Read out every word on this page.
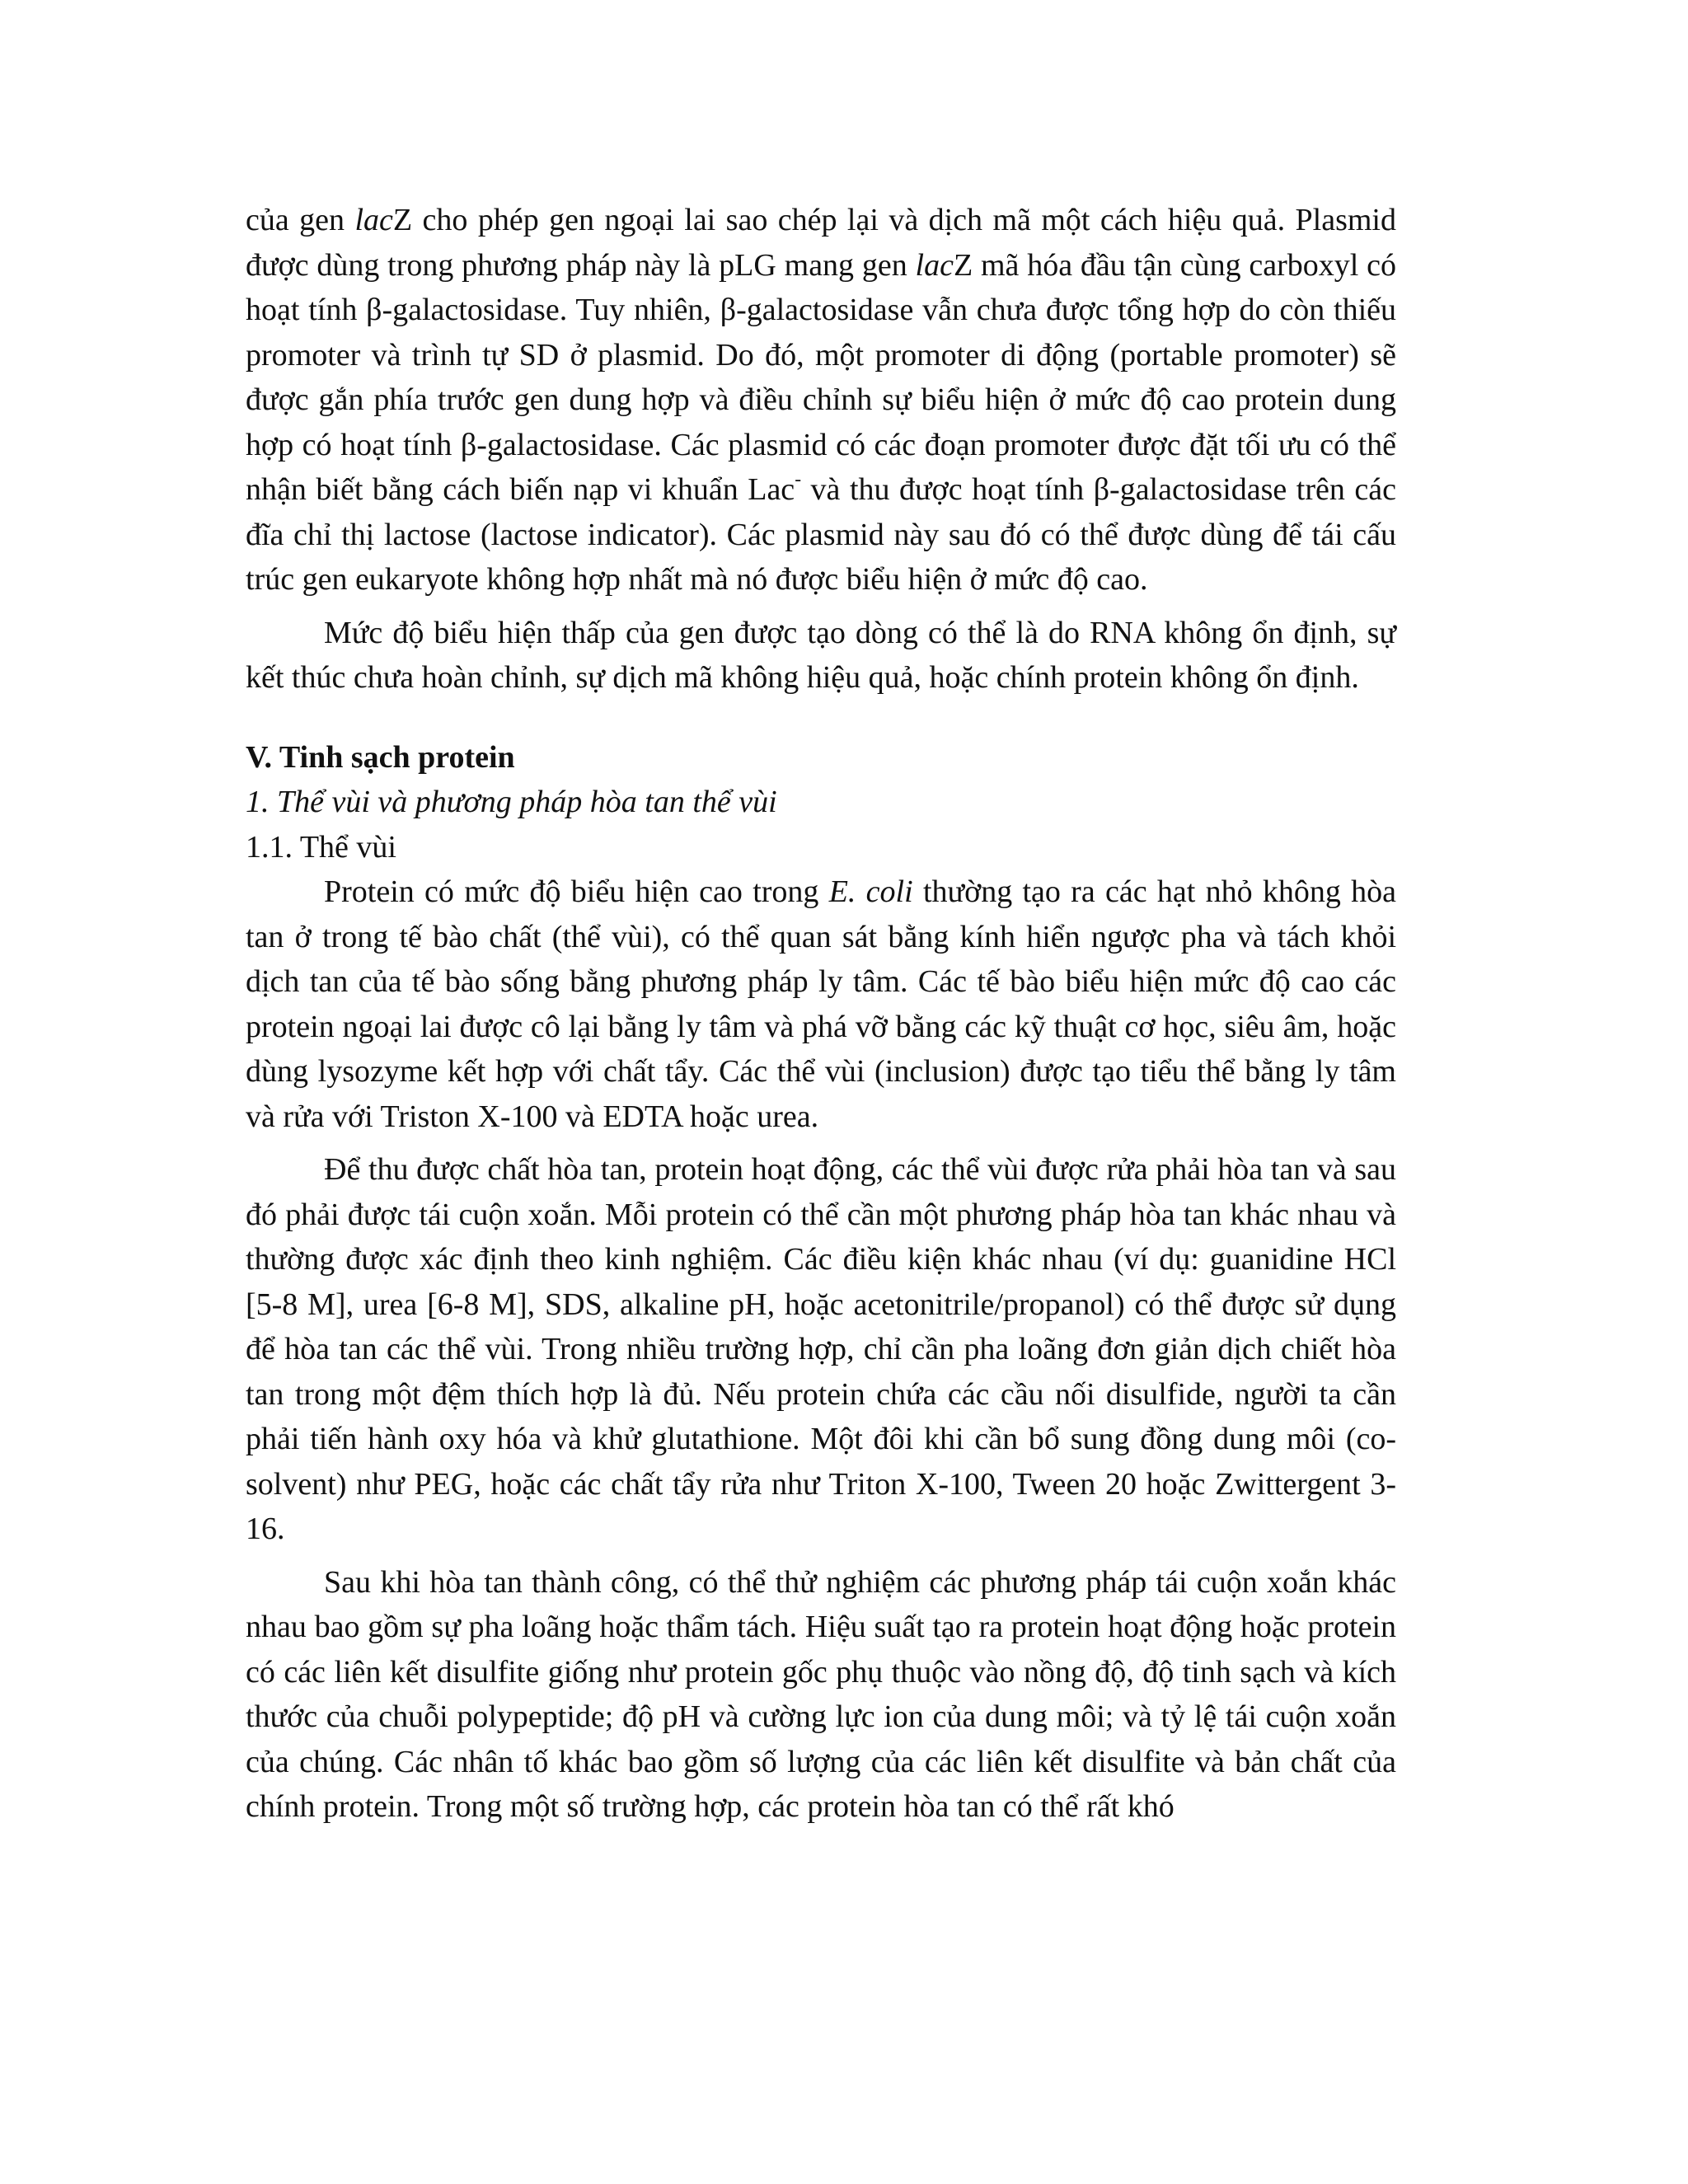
của gen lacZ cho phép gen ngoại lai sao chép lại và dịch mã một cách hiệu quả. Plasmid được dùng trong phương pháp này là pLG mang gen lacZ mã hóa đầu tận cùng carboxyl có hoạt tính β-galactosidase. Tuy nhiên, β-galactosidase vẫn chưa được tổng hợp do còn thiếu promoter và trình tự SD ở plasmid. Do đó, một promoter di động (portable promoter) sẽ được gắn phía trước gen dung hợp và điều chỉnh sự biểu hiện ở mức độ cao protein dung hợp có hoạt tính β-galactosidase. Các plasmid có các đoạn promoter được đặt tối ưu có thể nhận biết bằng cách biến nạp vi khuẩn Lac- và thu được hoạt tính β-galactosidase trên các đĩa chỉ thị lactose (lactose indicator). Các plasmid này sau đó có thể được dùng để tái cấu trúc gen eukaryote không hợp nhất mà nó được biểu hiện ở mức độ cao.

Mức độ biểu hiện thấp của gen được tạo dòng có thể là do RNA không ổn định, sự kết thúc chưa hoàn chỉnh, sự dịch mã không hiệu quả, hoặc chính protein không ổn định.

V. Tinh sạch protein

1. Thể vùi và phương pháp hòa tan thể vùi

1.1. Thể vùi

Protein có mức độ biểu hiện cao trong E. coli thường tạo ra các hạt nhỏ không hòa tan ở trong tế bào chất (thể vùi), có thể quan sát bằng kính hiển ngược pha và tách khỏi dịch tan của tế bào sống bằng phương pháp ly tâm. Các tế bào biểu hiện mức độ cao các protein ngoại lai được cô lại bằng ly tâm và phá vỡ bằng các kỹ thuật cơ học, siêu âm, hoặc dùng lysozyme kết hợp với chất tẩy. Các thể vùi (inclusion) được tạo tiểu thể bằng ly tâm và rửa với Triston X-100 và EDTA hoặc urea.

Để thu được chất hòa tan, protein hoạt động, các thể vùi được rửa phải hòa tan và sau đó phải được tái cuộn xoắn. Mỗi protein có thể cần một phương pháp hòa tan khác nhau và thường được xác định theo kinh nghiệm. Các điều kiện khác nhau (ví dụ: guanidine HCl [5-8 M], urea [6-8 M], SDS, alkaline pH, hoặc acetonitrile/propanol) có thể được sử dụng để hòa tan các thể vùi. Trong nhiều trường hợp, chỉ cần pha loãng đơn giản dịch chiết hòa tan trong một đệm thích hợp là đủ. Nếu protein chứa các cầu nối disulfide, người ta cần phải tiến hành oxy hóa và khử glutathione. Một đôi khi cần bổ sung đồng dung môi (co-solvent) như PEG, hoặc các chất tẩy rửa như Triton X-100, Tween 20 hoặc Zwittergent 3-16.

Sau khi hòa tan thành công, có thể thử nghiệm các phương pháp tái cuộn xoắn khác nhau bao gồm sự pha loãng hoặc thẩm tách. Hiệu suất tạo ra protein hoạt động hoặc protein có các liên kết disulfite giống như protein gốc phụ thuộc vào nồng độ, độ tinh sạch và kích thước của chuỗi polypeptide; độ pH và cường lực ion của dung môi; và tỷ lệ tái cuộn xoắn của chúng. Các nhân tố khác bao gồm số lượng của các liên kết disulfite và bản chất của chính protein. Trong một số trường hợp, các protein hòa tan có thể rất khó
